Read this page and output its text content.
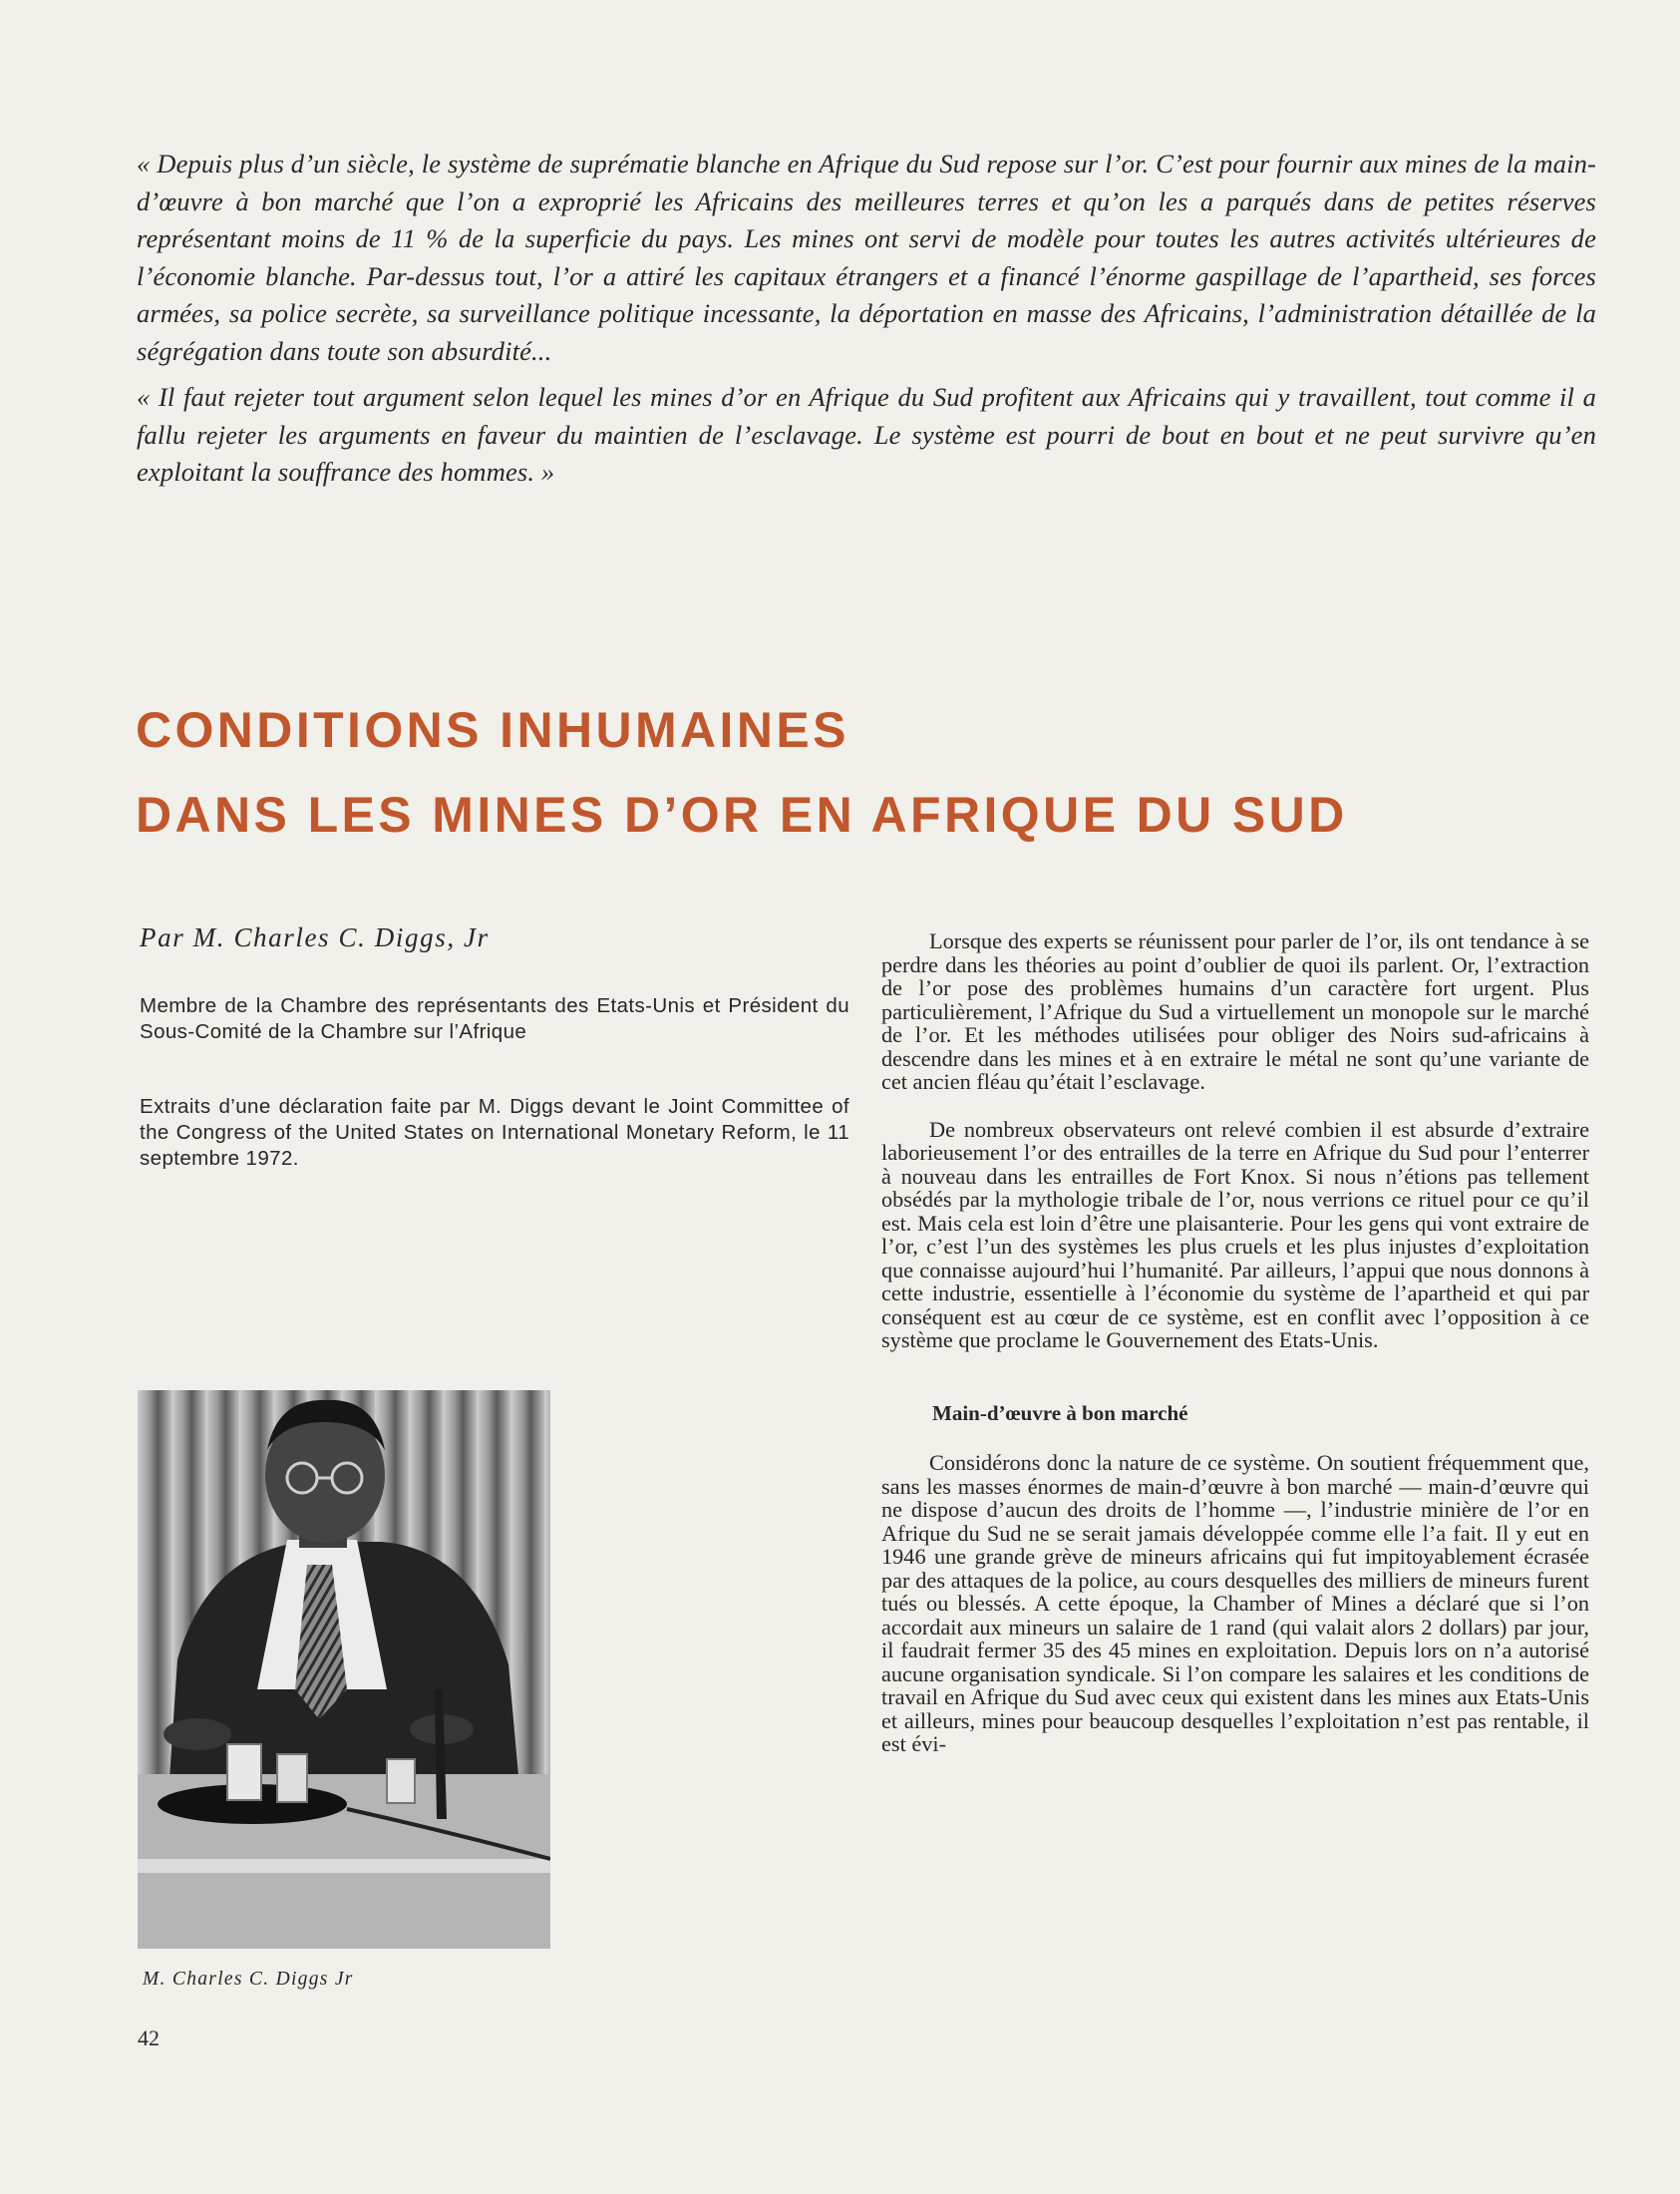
« Depuis plus d’un siècle, le système de suprématie blanche en Afrique du Sud repose sur l’or. C’est pour fournir aux mines de la main-d’œuvre à bon marché que l’on a exproprié les Africains des meilleures terres et qu’on les a parqués dans de petites réserves représentant moins de 11 % de la superficie du pays. Les mines ont servi de modèle pour toutes les autres activités ultérieures de l’économie blanche. Par-dessus tout, l’or a attiré les capitaux étrangers et a financé l’énorme gaspillage de l’apartheid, ses forces armées, sa police secrète, sa surveillance politique incessante, la déportation en masse des Africains, l’administration détaillée de la ségrégation dans toute son absurdité...

« Il faut rejeter tout argument selon lequel les mines d’or en Afrique du Sud profitent aux Africains qui y travaillent, tout comme il a fallu rejeter les arguments en faveur du maintien de l’esclavage. Le système est pourri de bout en bout et ne peut survivre qu’en exploitant la souffrance des hommes. »

CONDITIONS INHUMAINES
DANS LES MINES D’OR EN AFRIQUE DU SUD
Par M. Charles C. Diggs, Jr

Membre de la Chambre des représentants des Etats-Unis et Président du Sous-Comité de la Chambre sur l’Afrique

Extraits d’une déclaration faite par M. Diggs devant le Joint Committee of the Congress of the United States on International Monetary Reform, le 11 septembre 1972.

M. Charles C. Diggs Jr
42

Lorsque des experts se réunissent pour parler de l’or, ils ont tendance à se perdre dans les théories au point d’oublier de quoi ils parlent. Or, l’extraction de l’or pose des problèmes humains d’un caractère fort urgent. Plus particulièrement, l’Afrique du Sud a virtuellement un monopole sur le marché de l’or. Et les méthodes utilisées pour obliger des Noirs sud-africains à descendre dans les mines et à en extraire le métal ne sont qu’une variante de cet ancien fléau qu’était l’esclavage.

De nombreux observateurs ont relevé combien il est absurde d’extraire laborieusement l’or des entrailles de la terre en Afrique du Sud pour l’enterrer à nouveau dans les entrailles de Fort Knox. Si nous n’étions pas tellement obsédés par la mythologie tribale de l’or, nous verrions ce rituel pour ce qu’il est. Mais cela est loin d’être une plaisanterie. Pour les gens qui vont extraire de l’or, c’est l’un des systèmes les plus cruels et les plus injustes d’exploitation que connaisse aujourd’hui l’humanité. Par ailleurs, l’appui que nous donnons à cette industrie, essentielle à l’économie du système de l’apartheid et qui par conséquent est au cœur de ce système, est en conflit avec l’opposition à ce système que proclame le Gouvernement des Etats-Unis.

Main-d’œuvre à bon marché

Considérons donc la nature de ce système. On soutient fréquemment que, sans les masses énormes de main-d’œuvre à bon marché — main-d’œuvre qui ne dispose d’aucun des droits de l’homme —, l’industrie minière de l’or en Afrique du Sud ne se serait jamais développée comme elle l’a fait. Il y eut en 1946 une grande grève de mineurs africains qui fut impitoyablement écrasée par des attaques de la police, au cours desquelles des milliers de mineurs furent tués ou blessés. A cette époque, la Chamber of Mines a déclaré que si l’on accordait aux mineurs un salaire de 1 rand (qui valait alors 2 dollars) par jour, il faudrait fermer 35 des 45 mines en exploitation. Depuis lors on n’a autorisé aucune organisation syndicale. Si l’on compare les salaires et les conditions de travail en Afrique du Sud avec ceux qui existent dans les mines aux Etats-Unis et ailleurs, mines pour beaucoup desquelles l’exploitation n’est pas rentable, il est évi-
